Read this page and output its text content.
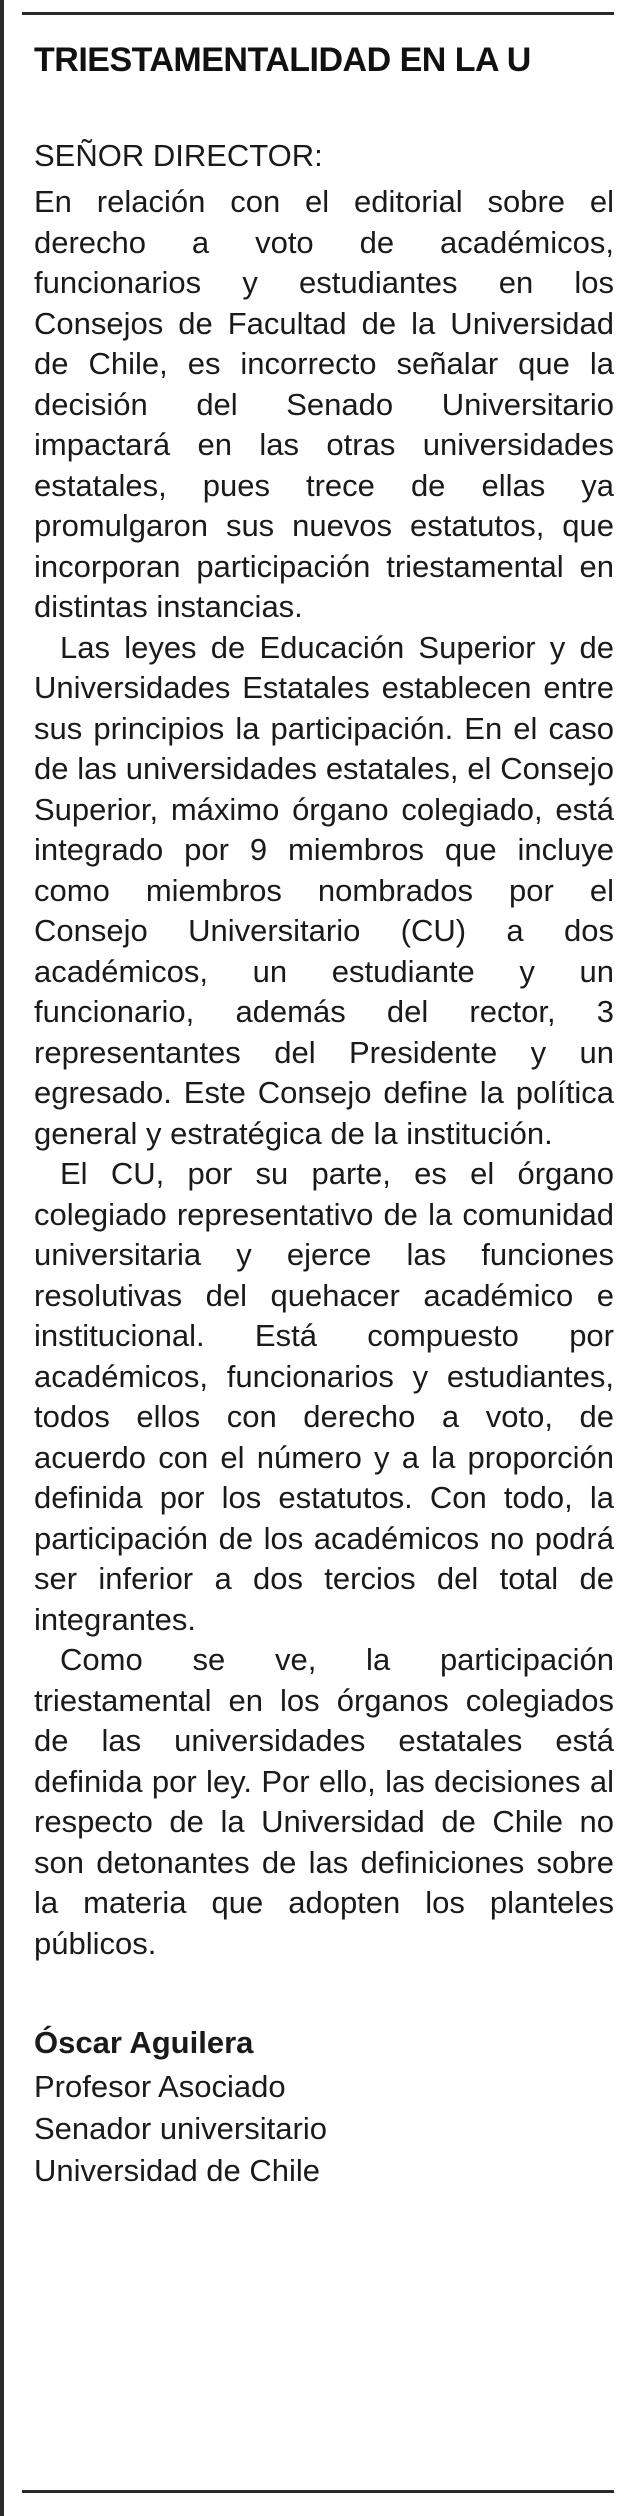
TRIESTAMENTALIDAD EN LA U
SEÑOR DIRECTOR:

En relación con el editorial sobre el derecho a voto de académicos, funcionarios y estudiantes en los Consejos de Facultad de la Universidad de Chile, es incorrecto señalar que la decisión del Senado Universitario impactará en las otras universidades estatales, pues trece de ellas ya promulgaron sus nuevos estatutos, que incorporan participación triestamental en distintas instancias.

Las leyes de Educación Superior y de Universidades Estatales establecen entre sus principios la participación. En el caso de las universidades estatales, el Consejo Superior, máximo órgano colegiado, está integrado por 9 miembros que incluye como miembros nombrados por el Consejo Universitario (CU) a dos académicos, un estudiante y un funcionario, además del rector, 3 representantes del Presidente y un egresado. Este Consejo define la política general y estratégica de la institución.

El CU, por su parte, es el órgano colegiado representativo de la comunidad universitaria y ejerce las funciones resolutivas del quehacer académico e institucional. Está compuesto por académicos, funcionarios y estudiantes, todos ellos con derecho a voto, de acuerdo con el número y a la proporción definida por los estatutos. Con todo, la participación de los académicos no podrá ser inferior a dos tercios del total de integrantes.

Como se ve, la participación triestamental en los órganos colegiados de las universidades estatales está definida por ley. Por ello, las decisiones al respecto de la Universidad de Chile no son detonantes de las definiciones sobre la materia que adopten los planteles públicos.

Óscar Aguilera
Profesor Asociado
Senador universitario
Universidad de Chile
